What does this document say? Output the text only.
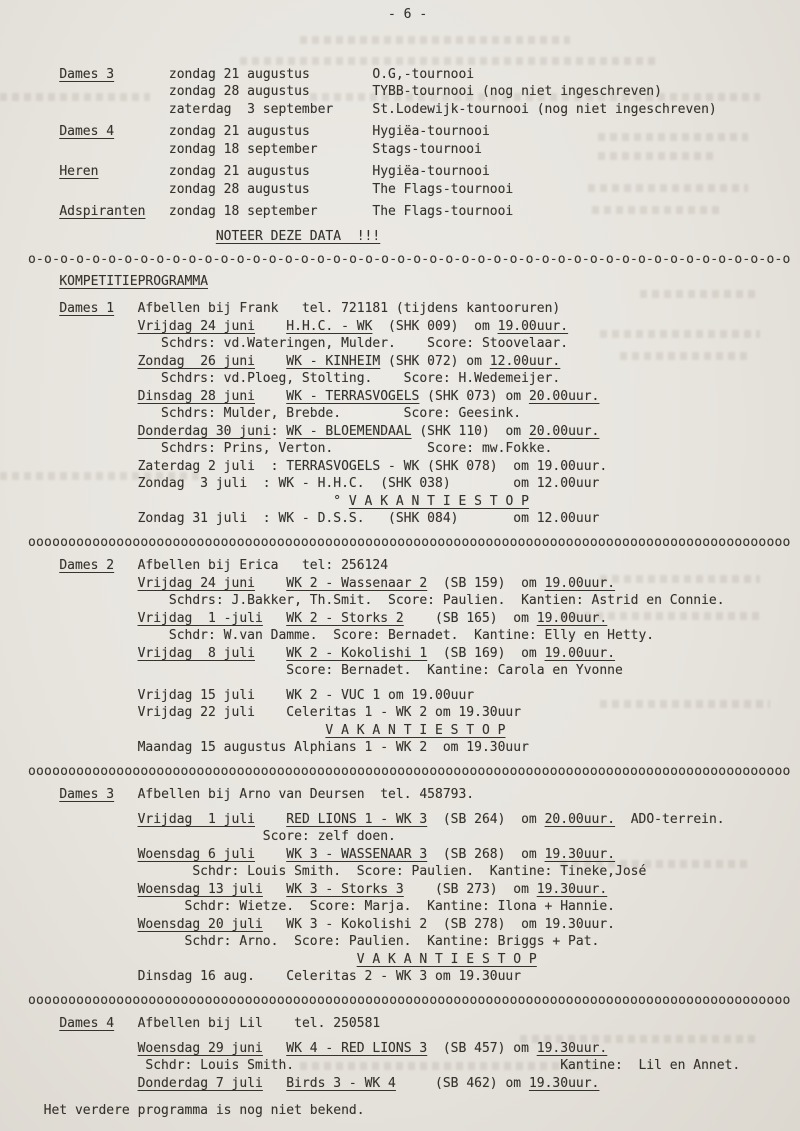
- 6 -
Dames 3       zondag 21 augustus        O.G,-tournooi
zondag 28 augustus        TYBB-tournooi (nog niet ingeschreven)
zaterdag  3 september     St.Lodewijk-tournooi (nog niet ingeschreven)
Dames 4       zondag 21 augustus        Hygiëa-tournooi
zondag 18 september       Stags-tournooi
Heren         zondag 21 augustus        Hygiëa-tournooi
zondag 28 augustus        The Flags-tournooi
Adspiranten   zondag 18 september       The Flags-tournooi
NOTEER DEZE DATA  !!!
o-o-o-o-o-o-o-o-o-o-o-o-o-o-o-o-o-o-o-o-o-o-o-o-o-o-o-o-o-o-o-o-o-o-o-o-o-o-o-o-o-o-o-o-o-o-o-o
KOMPETITIEPROGRAMMA
Dames 1   Afbellen bij Frank   tel. 721181 (tijdens kantooruren)
Vrijdag 24 juni H.H.C. - WK  (SHK 009)  om 19.00uur.
Schdrs: vd.Wateringen, Mulder.    Score: Stoovelaar.
Zondag  26 juni WK - KINHEIM (SHK 072) om 12.00uur.
Schdrs: vd.Ploeg, Stolting.    Score: H.Wedemeijer.
Dinsdag 28 juni WK - TERRASVOGELS (SHK 073) om 20.00uur.
Schdrs: Mulder, Brebde.        Score: Geesink.
Donderdag 30 juni: WK - BLOEMENDAAL (SHK 110)  om 20.00uur.
Schdrs: Prins, Verton.            Score: mw.Fokke.
Zaterdag 2 juli  : TERRASVOGELS - WK (SHK 078)  om 19.00uur.
Zondag  3 juli  : WK - H.H.C.  (SHK 038)        om 12.00uur
° V A K A N T I E S T O P
Zondag 31 juli  : WK - D.S.S.   (SHK 084)       om 12.00uur
ooooooooooooooooooooooooooooooooooooooooooooooooooooooooooooooooooooooooooooooooooooooooooooooo
Dames 2   Afbellen bij Erica   tel: 256124
Vrijdag 24 juni WK 2 - Wassenaar 2  (SB 159)  om 19.00uur.
Schdrs: J.Bakker, Th.Smit.  Score: Paulien.  Kantien: Astrid en Connie.
Vrijdag  1 -juli WK 2 - Storks 2    (SB 165)  om 19.00uur.
Schdr: W.van Damme.  Score: Bernadet.  Kantine: Elly en Hetty.
Vrijdag  8 juli WK 2 - Kokolishi 1  (SB 169)  om 19.00uur.
Score: Bernadet.  Kantine: Carola en Yvonne
Vrijdag 15 juli    WK 2 - VUC 1 om 19.00uur
Vrijdag 22 juli    Celeritas 1 - WK 2 om 19.30uur
V A K A N T I E S T O P
Maandag 15 augustus Alphians 1 - WK 2  om 19.30uur
ooooooooooooooooooooooooooooooooooooooooooooooooooooooooooooooooooooooooooooooooooooooooooooooo
Dames 3   Afbellen bij Arno van Deursen  tel. 458793.
Vrijdag  1 juli RED LIONS 1 - WK 3  (SB 264)  om 20.00uur.  ADO-terrein.
Score: zelf doen.
Woensdag 6 juli WK 3 - WASSENAAR 3  (SB 268)  om 19.30uur.
Schdr: Louis Smith.  Score: Paulien.  Kantine: Tineke,José
Woensdag 13 juli WK 3 - Storks 3    (SB 273)  om 19.30uur.
Schdr: Wietze.  Score: Marja.  Kantine: Ilona + Hannie.
Woensdag 20 juli   WK 3 - Kokolishi 2  (SB 278)  om 19.30uur.
Schdr: Arno.  Score: Paulien.  Kantine: Briggs + Pat.
V A K A N T I E S T O P
Dinsdag 16 aug.    Celeritas 2 - WK 3 om 19.30uur
ooooooooooooooooooooooooooooooooooooooooooooooooooooooooooooooooooooooooooooooooooooooooooooooo
Dames 4   Afbellen bij Lil    tel. 250581
Woensdag 29 juni WK 4 - RED LIONS 3  (SB 457) om 19.30uur.
Schdr: Louis Smith.                                  Kantine:  Lil en Annet.
Donderdag 7 juli Birds 3 - WK 4     (SB 462) om 19.30uur.
Het verdere programma is nog niet bekend.
